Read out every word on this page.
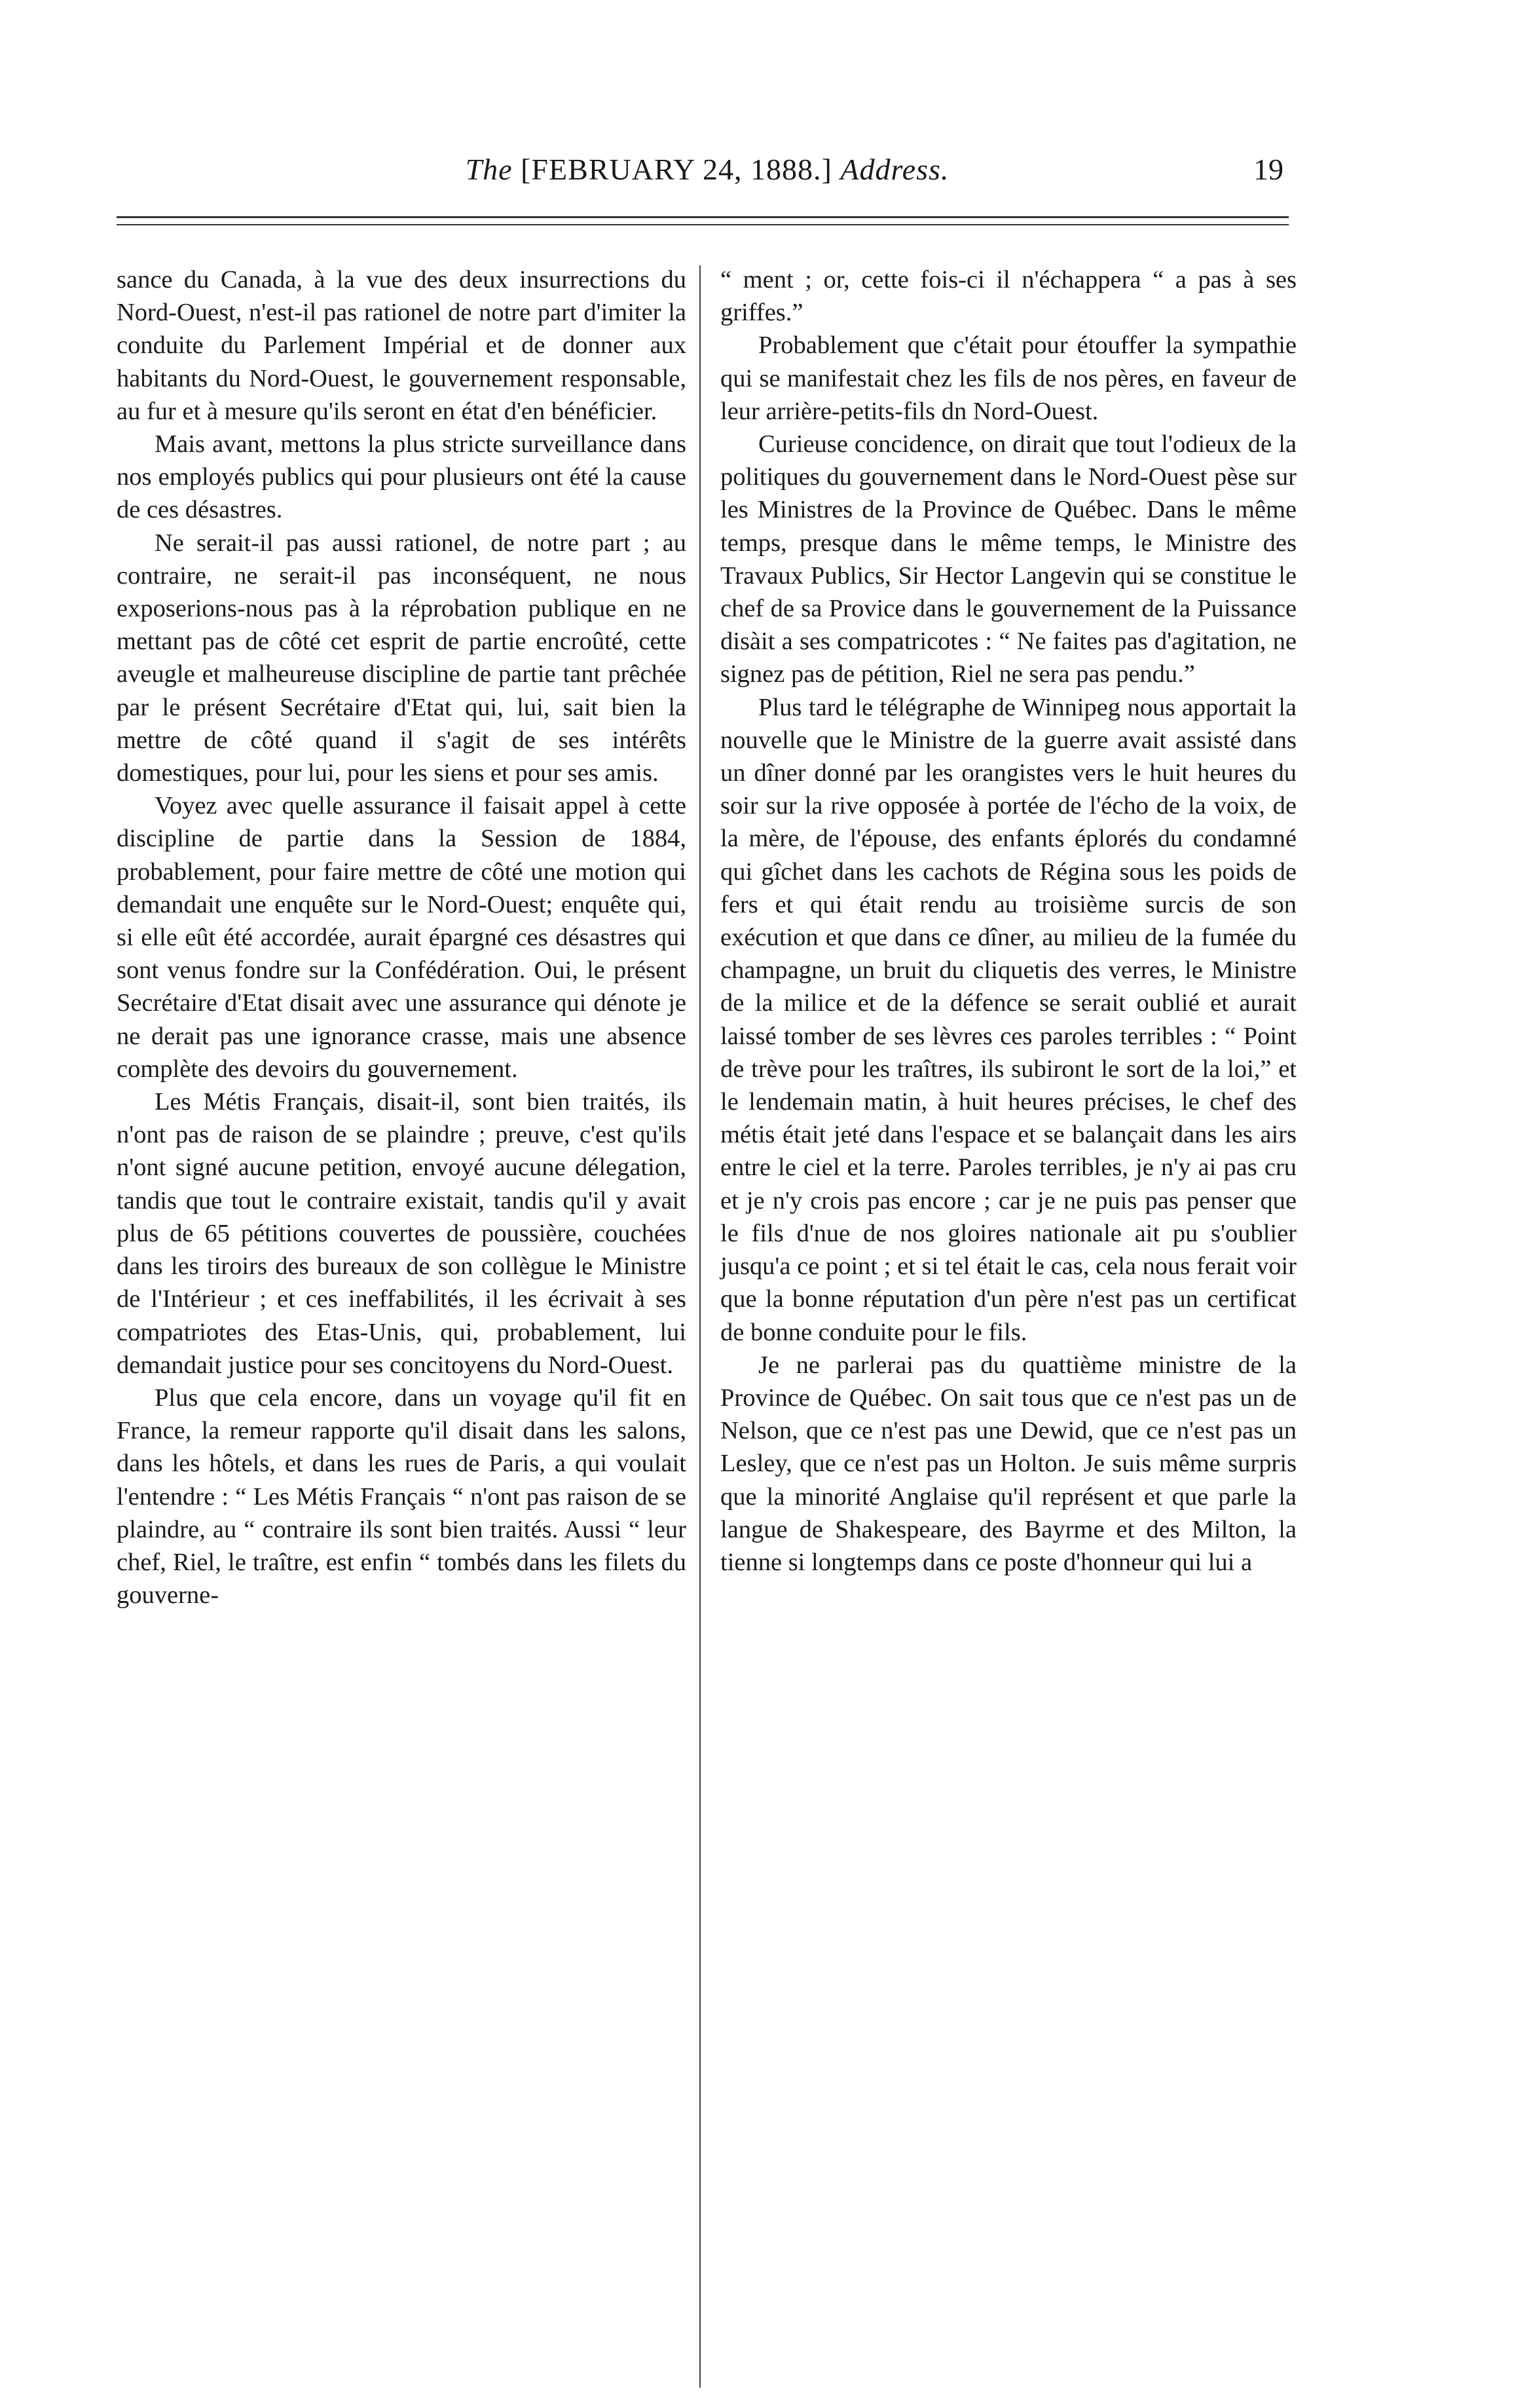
The [FEBRUARY 24, 1888.] Address.	19

sance du Canada, à la vue des deux insurrections du Nord-Ouest, n'est-il pas rationel de notre part d'imiter la conduite du Parlement Impérial et de donner aux habitants du Nord-Ouest, le gouvernement responsable, au fur et à mesure qu'ils seront en état d'en bénéficier.

Mais avant, mettons la plus stricte surveillance dans nos employés publics qui pour plusieurs ont été la cause de ces désastres.

Ne serait-il pas aussi rationel, de notre part ; au contraire, ne serait-il pas inconséquent, ne nous exposerions-nous pas à la réprobation publique en ne mettant pas de côté cet esprit de partie encroûté, cette aveugle et malheureuse discipline de partie tant prêchée par le présent Secrétaire d'Etat qui, lui, sait bien la mettre de côté quand il s'agit de ses intérêts domestiques, pour lui, pour les siens et pour ses amis.

Voyez avec quelle assurance il faisait appel à cette discipline de partie dans la Session de 1884, probablement, pour faire mettre de côté une motion qui demandait une enquête sur le Nord-Ouest; enquête qui, si elle eût été accordée, aurait épargné ces désastres qui sont venus fondre sur la Confédération. Oui, le présent Secrétaire d'Etat disait avec une assurance qui dénote je ne derait pas une ignorance crasse, mais une absence complète des devoirs du gouvernement.

Les Métis Français, disait-il, sont bien traités, ils n'ont pas de raison de se plaindre ; preuve, c'est qu'ils n'ont signé aucune petition, envoyé aucune délegation, tandis que tout le contraire existait, tandis qu'il y avait plus de 65 pétitions couvertes de poussière, couchées dans les tiroirs des bureaux de son collègue le Ministre de l'Intérieur ; et ces ineffabilités, il les écrivait à ses compatriotes des Etas-Unis, qui, probablement, lui demandait justice pour ses concitoyens du Nord-Ouest.

Plus que cela encore, dans un voyage qu'il fit en France, la remeur rapporte qu'il disait dans les salons, dans les hôtels, et dans les rues de Paris, a qui voulait l'entendre : “ Les Métis Français “ n'ont pas raison de se plaindre, au “ contraire ils sont bien traités. Aussi “ leur chef, Riel, le traître, est enfin “ tombés dans les filets du gouverne-

“ ment ; or, cette fois-ci il n'échappera “ a pas à ses griffes.”

Probablement que c'était pour étouffer la sympathie qui se manifestait chez les fils de nos pères, en faveur de leur arrière-petits-fils dn Nord-Ouest.

Curieuse concidence, on dirait que tout l'odieux de la politiques du gouvernement dans le Nord-Ouest pèse sur les Ministres de la Province de Québec. Dans le même temps, presque dans le même temps, le Ministre des Travaux Publics, Sir Hector Langevin qui se constitue le chef de sa Provice dans le gouvernement de la Puissance disàit a ses compatricotes : “ Ne faites pas d'agitation, ne signez pas de pétition, Riel ne sera pas pendu.”

Plus tard le télégraphe de Winnipeg nous apportait la nouvelle que le Ministre de la guerre avait assisté dans un dîner donné par les orangistes vers le huit heures du soir sur la rive opposée à portée de l'écho de la voix, de la mère, de l'épouse, des enfants éplorés du condamné qui gîchet dans les cachots de Régina sous les poids de fers et qui était rendu au troisième surcis de son exécution et que dans ce dîner, au milieu de la fumée du champagne, un bruit du cliquetis des verres, le Ministre de la milice et de la défence se serait oublié et aurait laissé tomber de ses lèvres ces paroles terribles : “ Point de trève pour les traîtres, ils subiront le sort de la loi,” et le lendemain matin, à huit heures précises, le chef des métis était jeté dans l'espace et se balançait dans les airs entre le ciel et la terre. Paroles terribles, je n'y ai pas cru et je n'y crois pas encore ; car je ne puis pas penser que le fils d'nue de nos gloires nationale ait pu s'oublier jusqu'a ce point ; et si tel était le cas, cela nous ferait voir que la bonne réputation d'un père n'est pas un certificat de bonne conduite pour le fils.

Je ne parlerai pas du quattième ministre de la Province de Québec. On sait tous que ce n'est pas un de Nelson, que ce n'est pas une Dewid, que ce n'est pas un Lesley, que ce n'est pas un Holton. Je suis même surpris que la minorité Anglaise qu'il représent et que parle la langue de Shakespeare, des Bayrme et des Milton, la tienne si longtemps dans ce poste d'honneur qui lui a
